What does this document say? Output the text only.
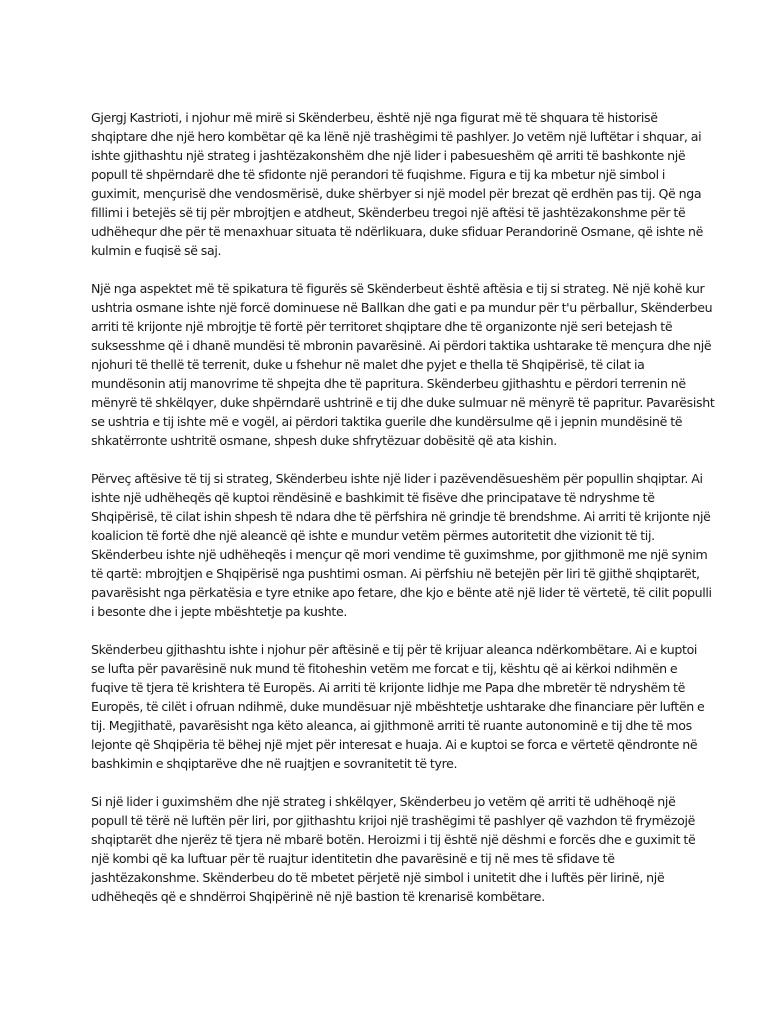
Gjergj Kastrioti, i njohur më mirë si Skënderbeu, është një nga figurat më të shquara të historisë
shqiptare dhe një hero kombëtar që ka lënë një trashëgimi të pashlyer. Jo vetëm një luftëtar i shquar, ai
ishte gjithashtu një strateg i jashtëzakonshëm dhe një lider i pabesueshëm që arriti të bashkonte një
popull të shpërndarë dhe të sfidonte një perandori të fuqishme. Figura e tij ka mbetur një simbol i
guximit, mençurisë dhe vendosmërisë, duke shërbyer si një model për brezat që erdhën pas tij. Që nga
fillimi i betejës së tij për mbrojtjen e atdheut, Skënderbeu tregoi një aftësi të jashtëzakonshme për të
udhëhequr dhe për të menaxhuar situata të ndërlikuara, duke sfiduar Perandorinë Osmane, që ishte në
kulmin e fuqisë së saj.

Një nga aspektet më të spikatura të figurës së Skënderbeut është aftësia e tij si strateg. Në një kohë kur
ushtria osmane ishte një forcë dominuese në Ballkan dhe gati e pa mundur për t'u përballur, Skënderbeu
arriti të krijonte një mbrojtje të fortë për territoret shqiptare dhe të organizonte një seri betejash të
suksesshme që i dhanë mundësi të mbronin pavarësinë. Ai përdori taktika ushtarake të mençura dhe një
njohuri të thellë të terrenit, duke u fshehur në malet dhe pyjet e thella të Shqipërisë, të cilat ia
mundësonin atij manovrime të shpejta dhe të papritura. Skënderbeu gjithashtu e përdori terrenin në
mënyrë të shkëlqyer, duke shpërndarë ushtrinë e tij dhe duke sulmuar në mënyrë të papritur. Pavarësisht
se ushtria e tij ishte më e vogël, ai përdori taktika guerile dhe kundërsulme që i jepnin mundësinë të
shkatërronte ushtritë osmane, shpesh duke shfrytëzuar dobësitë që ata kishin.

Përveç aftësive të tij si strateg, Skënderbeu ishte një lider i pazëvendësueshëm për popullin shqiptar. Ai
ishte një udhëheqës që kuptoi rëndësinë e bashkimit të fisëve dhe principatave të ndryshme të
Shqipërisë, të cilat ishin shpesh të ndara dhe të përfshira në grindje të brendshme. Ai arriti të krijonte një
koalicion të fortë dhe një aleancë që ishte e mundur vetëm përmes autoritetit dhe vizionit të tij.
Skënderbeu ishte një udhëheqës i mençur që mori vendime të guximshme, por gjithmonë me një synim
të qartë: mbrojtjen e Shqipërisë nga pushtimi osman. Ai përfshiu në betejën për liri të gjithë shqiptarët,
pavarësisht nga përkatësia e tyre etnike apo fetare, dhe kjo e bënte atë një lider të vërtetë, të cilit populli
i besonte dhe i jepte mbështetje pa kushte.

Skënderbeu gjithashtu ishte i njohur për aftësinë e tij për të krijuar aleanca ndërkombëtare. Ai e kuptoi
se lufta për pavarësinë nuk mund të fitoheshin vetëm me forcat e tij, kështu që ai kërkoi ndihmën e
fuqive të tjera të krishtera të Europës. Ai arriti të krijonte lidhje me Papa dhe mbretër të ndryshëm të
Europës, të cilët i ofruan ndihmë, duke mundësuar një mbështetje ushtarake dhe financiare për luftën e
tij. Megjithatë, pavarësisht nga këto aleanca, ai gjithmonë arriti të ruante autonominë e tij dhe të mos
lejonte që Shqipëria të bëhej një mjet për interesat e huaja. Ai e kuptoi se forca e vërtetë qëndronte në
bashkimin e shqiptarëve dhe në ruajtjen e sovranitetit të tyre.

Si një lider i guximshëm dhe një strateg i shkëlqyer, Skënderbeu jo vetëm që arriti të udhëhoqë një
popull të tërë në luftën për liri, por gjithashtu krijoi një trashëgimi të pashlyer që vazhdon të frymëzojë
shqiptarët dhe njerëz të tjera në mbarë botën. Heroizmi i tij është një dëshmi e forcës dhe e guximit të
një kombi që ka luftuar për të ruajtur identitetin dhe pavarësinë e tij në mes të sfidave të
jashtëzakonshme. Skënderbeu do të mbetet përjetë një simbol i unitetit dhe i luftës për lirinë, një
udhëheqës që e shndërroi Shqipërinë në një bastion të krenarisë kombëtare.
